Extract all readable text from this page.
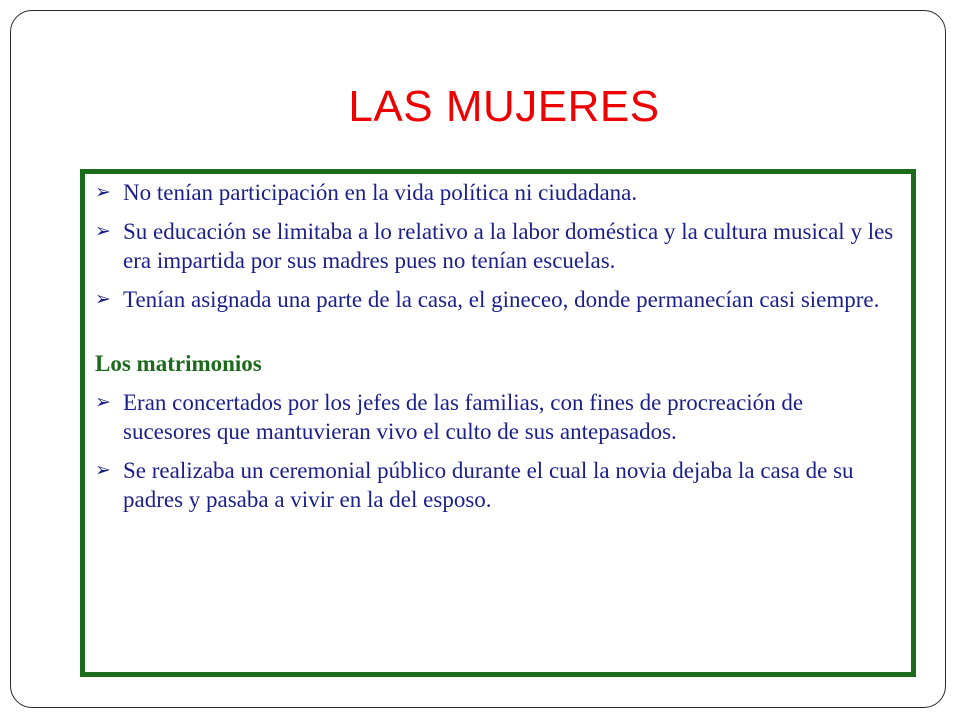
LAS MUJERES
➢ No tenían participación en la vida política ni ciudadana.
➢ Su educación se limitaba a lo relativo a la labor doméstica y la cultura musical y les era impartida por sus madres pues no tenían escuelas.
➢ Tenían asignada una parte de la casa, el gineceo, donde permanecían casi siempre.
Los matrimonios
➢ Eran concertados por los jefes de las familias, con fines de procreación de sucesores que mantuvieran vivo el culto de sus antepasados.
➢ Se realizaba un ceremonial público durante el cual la novia dejaba la casa de su padres y pasaba a vivir en la del esposo.
